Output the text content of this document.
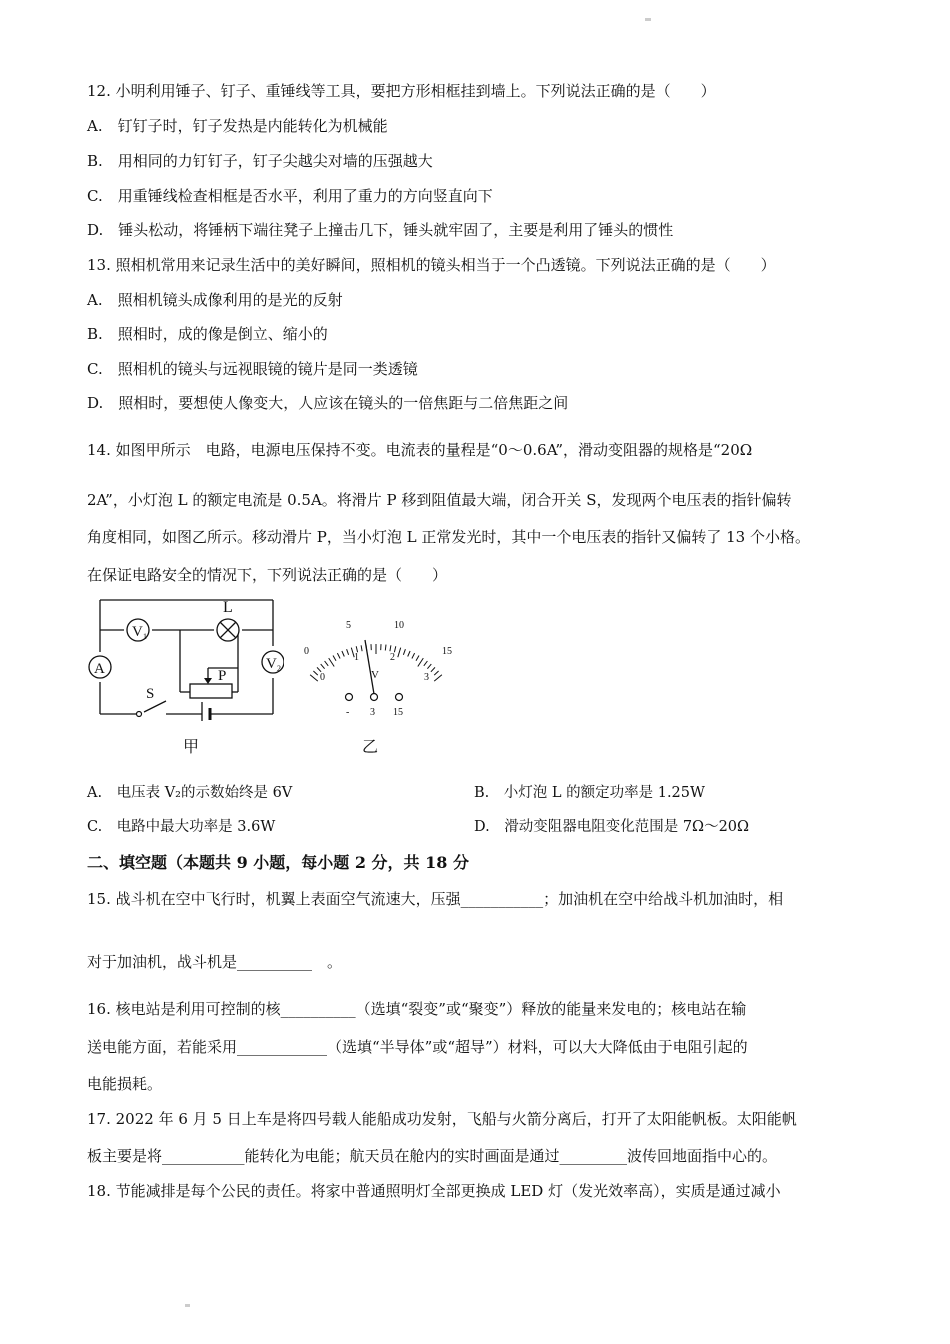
12. 小明利用锤子、钉子、重锤线等工具，要把方形相框挂到墙上。下列说法正确的是（　　）
A.　钉钉子时，钉子发热是内能转化为机械能
B.　用相同的力钉钉子，钉子尖越尖对墙的压强越大
C.　用重锤线检查相框是否水平，利用了重力的方向竖直向下
D.　锤头松动，将锤柄下端往凳子上撞击几下，锤头就牢固了，主要是利用了锤头的惯性
13. 照相机常用来记录生活中的美好瞬间，照相机的镜头相当于一个凸透镜。下列说法正确的是（　　）
A.　照相机镜头成像利用的是光的反射
B.　照相时，成的像是倒立、缩小的
C.　照相机的镜头与远视眼镜的镜片是同一类透镜
D.　照相时，要想使人像变大，人应该在镜头的一倍焦距与二倍焦距之间
14. 如图甲所示　电路，电源电压保持不变。电流表的量程是“0～0.6A”，滑动变阻器的规格是“20Ω
2A”，小灯泡 L 的额定电流是 0.5A。将滑片 P 移到阻值最大端，闭合开关 S，发现两个电压表的指针偏转
角度相同，如图乙所示。移动滑片 P，当小灯泡 L 正常发光时，其中一个电压表的指针又偏转了 13 个小格。
在保证电路安全的情况下，下列说法正确的是（　　）
V 1
L
V 2
A	P
S
甲
0
5	10
15
0
1	2
3
V
- 3 15
乙
A.　电压表 V₂的示数始终是 6V	B.　小灯泡 L 的额定功率是 1.25W
C.　电路中最大功率是 3.6W	D.　滑动变阻器电阻变化范围是 7Ω～20Ω
二、填空题（本题共 9 小题，每小题 2 分，共 18 分
15. 战斗机在空中飞行时，机翼上表面空气流速大，压强___________；加油机在空中给战斗机加油时，相
对于加油机，战斗机是__________　。
16. 核电站是利用可控制的核__________（选填“裂变”或“聚变”）释放的能量来发电的；核电站在输
送电能方面，若能采用____________（选填“半导体”或“超导”）材料，可以大大降低由于电阻引起的
电能损耗。
17. 2022 年 6 月 5 日上车是将四号载人能船成功发射，飞船与火箭分离后，打开了太阳能帆板。太阳能帆
板主要是将___________能转化为电能；航天员在舱内的实时画面是通过_________波传回地面指中心的。
18. 节能减排是每个公民的责任。将家中普通照明灯全部更换成 LED 灯（发光效率高），实质是通过减小
